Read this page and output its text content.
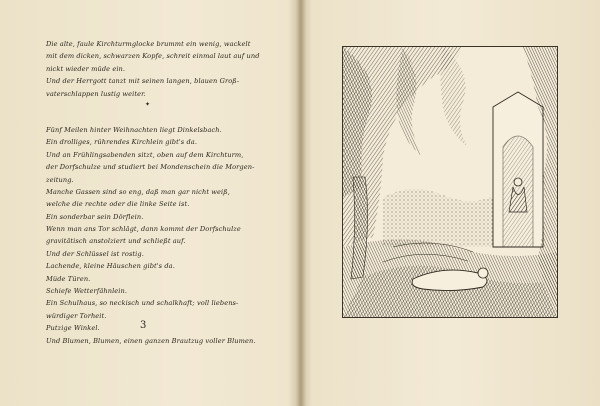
Die alte, faule Kirchturmglocke brummt ein wenig, wackelt
mit dem dicken, schwarzen Kopfe, schreit einmal laut auf und
nickt wieder müde ein.
Und der Herrgott tanzt mit seinen langen, blauen Groß-
vaterschlappen lustig weiter.
Fünf Meilen hinter Weihnachten liegt Dinkelsbach.
Ein drolliges, rührendes Kirchlein gibt's da.
Und an Frühlingsabenden sitzt, oben auf dem Kirchturm,
der Dorfschulze und studiert bei Mondenschein die Morgen-
zeitung.
Manche Gassen sind so eng, daß man gar nicht weiß,
welche die rechte oder die linke Seite ist.
Ein sonderbar sein Dörflein.
Wenn man ans Tor schlägt, dann kommt der Dorfschulze
gravitätisch anstolziert und schließt auf.
Und der Schlüssel ist rostig.
Lachende, kleine Häuschen gibt's da.
Müde Türen.
Schiefe Wetterfähnlein.
Ein Schulhaus, so neckisch und schalkhaft; voll liebens-
würdiger Torheit.
Putzige Winkel.
Und Blumen, Blumen, einen ganzen Brautzug voller Blumen.
✦
3
